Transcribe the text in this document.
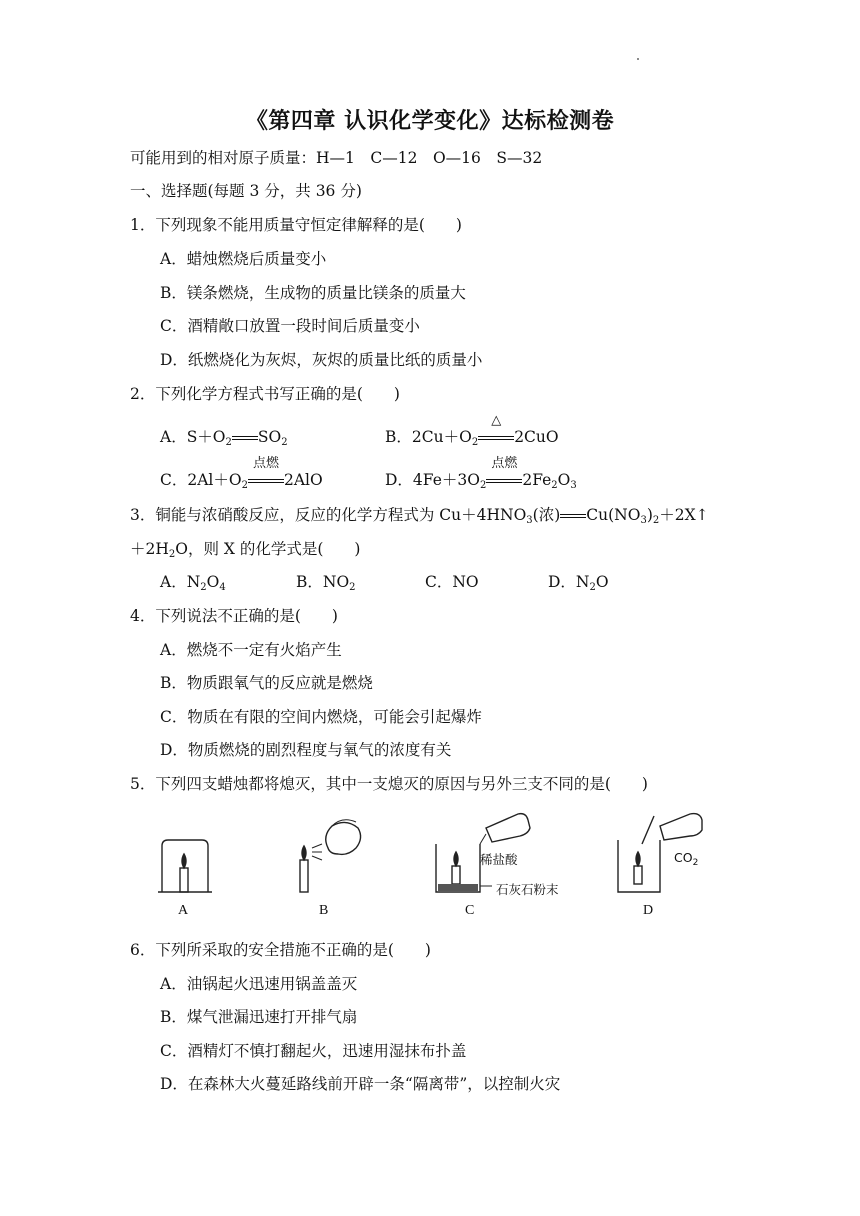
《第四章 认识化学变化》达标检测卷
可能用到的相对原子质量：H—1　C—12　O—16　S—32
一、选择题(每题 3 分，共 36 分)
1．下列现象不能用质量守恒定律解释的是(　　)
A．蜡烛燃烧后质量变小
B．镁条燃烧，生成物的质量比镁条的质量大
C．酒精敞口放置一段时间后质量变小
D．纸燃烧化为灰烬，灰烬的质量比纸的质量小
2．下列化学方程式书写正确的是(　　)
A．$S+O_2$ $SO_2$	B．$2Cu+O_2$
△
2CuO
C．$2Al+O_2$
点燃
2AlO	D．$4Fe+3O_2$
点燃
$2Fe_2O_3$
3．铜能与浓硝酸反应，反应的化学方程式为 $Cu+4HNO_3$(浓) $Cu(NO_3)_2+2X↑$
$+2H_2O$，则 X 的化学式是(　　)
A．$N_2O_4$	B．$NO_2$	C．NO	D．$N_2O$
4．下列说法不正确的是(　　)
A．燃烧不一定有火焰产生
B．物质跟氧气的反应就是燃烧
C．物质在有限的空间内燃烧，可能会引起爆炸
D．物质燃烧的剧烈程度与氧气的浓度有关
5．下列四支蜡烛都将熄灭，其中一支熄灭的原因与另外三支不同的是(　　)
稀盐酸
石灰石粉末
$CO_2$
A	B	C	D
6．下列所采取的安全措施不正确的是(　　)
A．油锅起火迅速用锅盖盖灭
B．煤气泄漏迅速打开排气扇
C．酒精灯不慎打翻起火，迅速用湿抹布扑盖
D．在森林大火蔓延路线前开辟一条“隔离带”，以控制火灾
